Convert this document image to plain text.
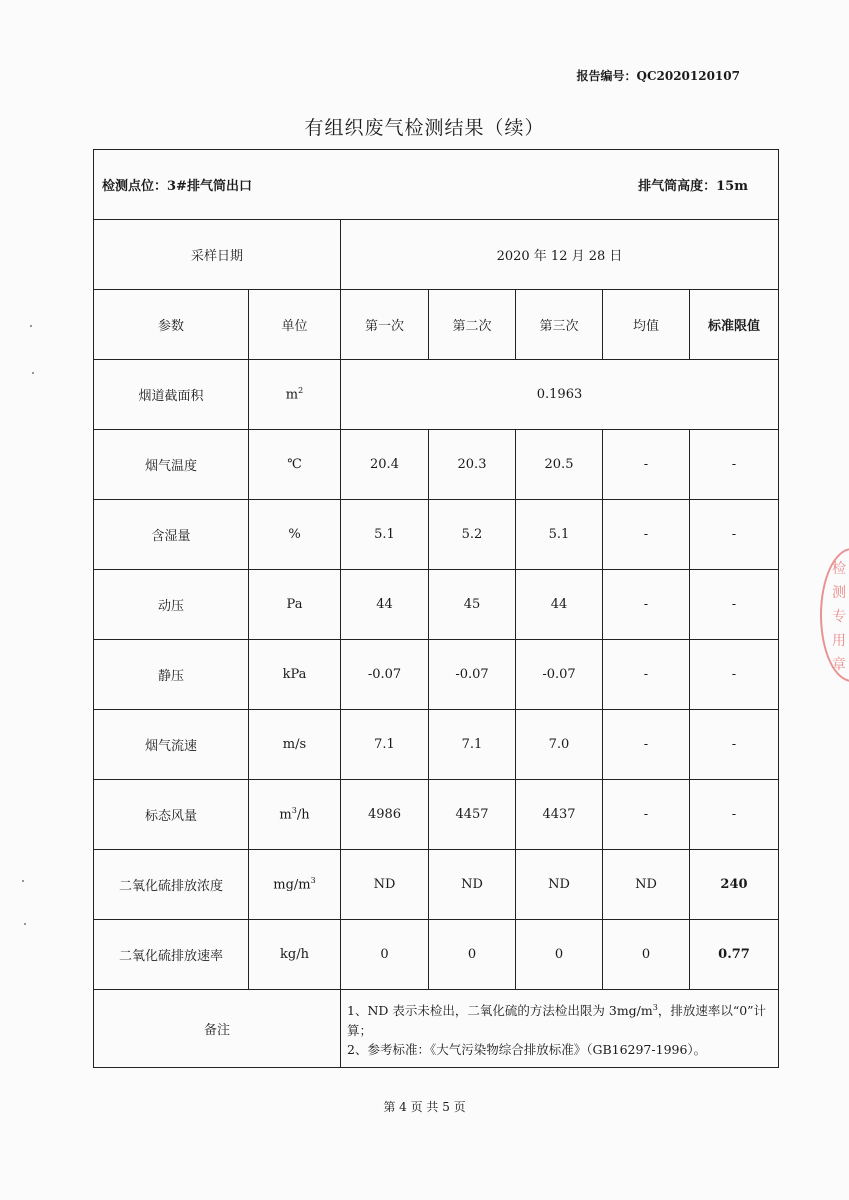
报告编号：QC2020120107
有组织废气检测结果（续）
检测点位：3#排气筒出口 排气筒高度：15m						

采样日期		2020 年 12 月 28 日				
参数	单位	第一次	第二次	第三次	均值	标准限值
烟道截面积	$m^2$	0.1963				
烟气温度	℃	20.4	20.3	20.5	-	-
含湿量	%	5.1	5.2	5.1	-	-
动压	Pa	44	45	44	-	-
静压	kPa	-0.07	-0.07	-0.07	-	-
烟气流速	m/s	7.1	7.1	7.0	-	-
标态风量	$m^3/h$	4986	4457	4437	-	-
二氧化硫排放浓度	$mg/m^3$	ND	ND	ND	ND	240
二氧化硫排放速率	kg/h	0	0	0	0	0.77
备注		1、ND 表示未检出，二氧化硫的方法检出限为 $3mg/m^3$，排放速率以“0”计算；
2、参考标准：《大气污染物综合排放标准》（GB16297-1996）。				
第 4 页 共 5 页
检
测
专
用
章
